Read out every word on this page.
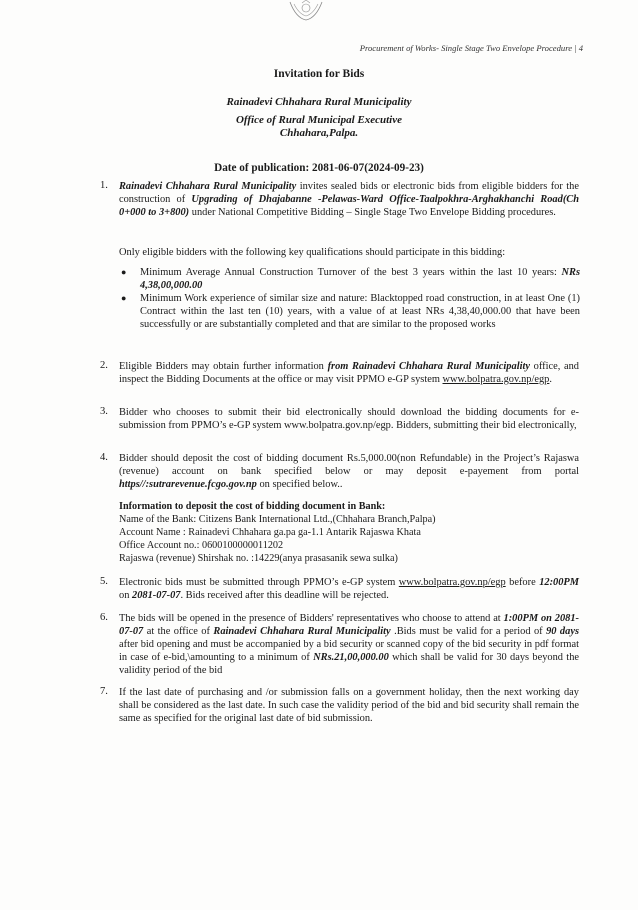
Procurement of Works- Single Stage Two Envelope Procedure | 4
Invitation for Bids
Rainadevi Chhahara Rural Municipality
Office of Rural Municipal Executive
Chhahara,Palpa.
Date of publication: 2081-06-07(2024-09-23)
1. Rainadevi Chhahara Rural Municipality invites sealed bids or electronic bids from eligible bidders for the construction of Upgrading of Dhajabanne -Pelawas-Ward Office-Taalpokhra-Arghakhanchi Road(Ch 0+000 to 3+800) under National Competitive Bidding – Single Stage Two Envelope Bidding procedures.
Only eligible bidders with the following key qualifications should participate in this bidding:
● Minimum Average Annual Construction Turnover of the best 3 years within the last 10 years: NRs 4,38,00,000.00
● Minimum Work experience of similar size and nature: Blacktopped road construction, in at least One (1) Contract within the last ten (10) years, with a value of at least NRs 4,38,40,000.00 that have been successfully or are substantially completed and that are similar to the proposed works
2. Eligible Bidders may obtain further information from Rainadevi Chhahara Rural Municipality office, and inspect the Bidding Documents at the office or may visit PPMO e-GP system www.bolpatra.gov.np/egp.
3. Bidder who chooses to submit their bid electronically should download the bidding documents for e-submission from PPMO’s e-GP system www.bolpatra.gov.np/egp. Bidders, submitting their bid electronically,
4. Bidder should deposit the cost of bidding document Rs.5,000.00(non Refundable) in the Project’s Rajaswa (revenue) account on bank specified below or may deposit e-payement from portal https//:sutrarevenue.fcgo.gov.np on specified below..
Information to deposit the cost of bidding document in Bank:
Name of the Bank: Citizens Bank International Ltd.,(Chhahara Branch,Palpa)
Account Name : Rainadevi Chhahara ga.pa ga-1.1 Antarik Rajaswa Khata
Office Account no.: 0600100000011202
Rajaswa (revenue) Shirshak no. :14229(anya prasasanik sewa sulka)
5. Electronic bids must be submitted through PPMO’s e-GP system www.bolpatra.gov.np/egp before 12:00PM on 2081-07-07. Bids received after this deadline will be rejected.
6. The bids will be opened in the presence of Bidders' representatives who choose to attend at 1:00PM on 2081-07-07 at the office of Rainadevi Chhahara Rural Municipality .Bids must be valid for a period of 90 days after bid opening and must be accompanied by a bid security or scanned copy of the bid security in pdf format in case of e-bid,\amounting to a minimum of NRs.21,00,000.00 which shall be valid for 30 days beyond the validity period of the bid
7. If the last date of purchasing and /or submission falls on a government holiday, then the next working day shall be considered as the last date. In such case the validity period of the bid and bid security shall remain the same as specified for the original last date of bid submission.
